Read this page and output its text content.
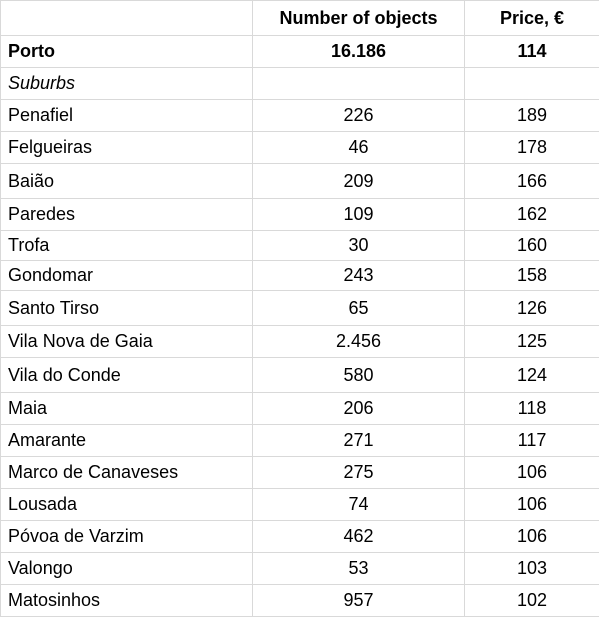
	Number of objects	Price, €
Porto	16.186	114
Suburbs		
Penafiel	226	189
Felgueiras	46	178
Baião	209	166
Paredes	109	162
Trofa	30	160
Gondomar	243	158
Santo Tirso	65	126
Vila Nova de Gaia	2.456	125
Vila do Conde	580	124
Maia	206	118
Amarante	271	117
Marco de Canaveses	275	106
Lousada	74	106
Póvoa de Varzim	462	106
Valongo	53	103
Matosinhos	957	102
